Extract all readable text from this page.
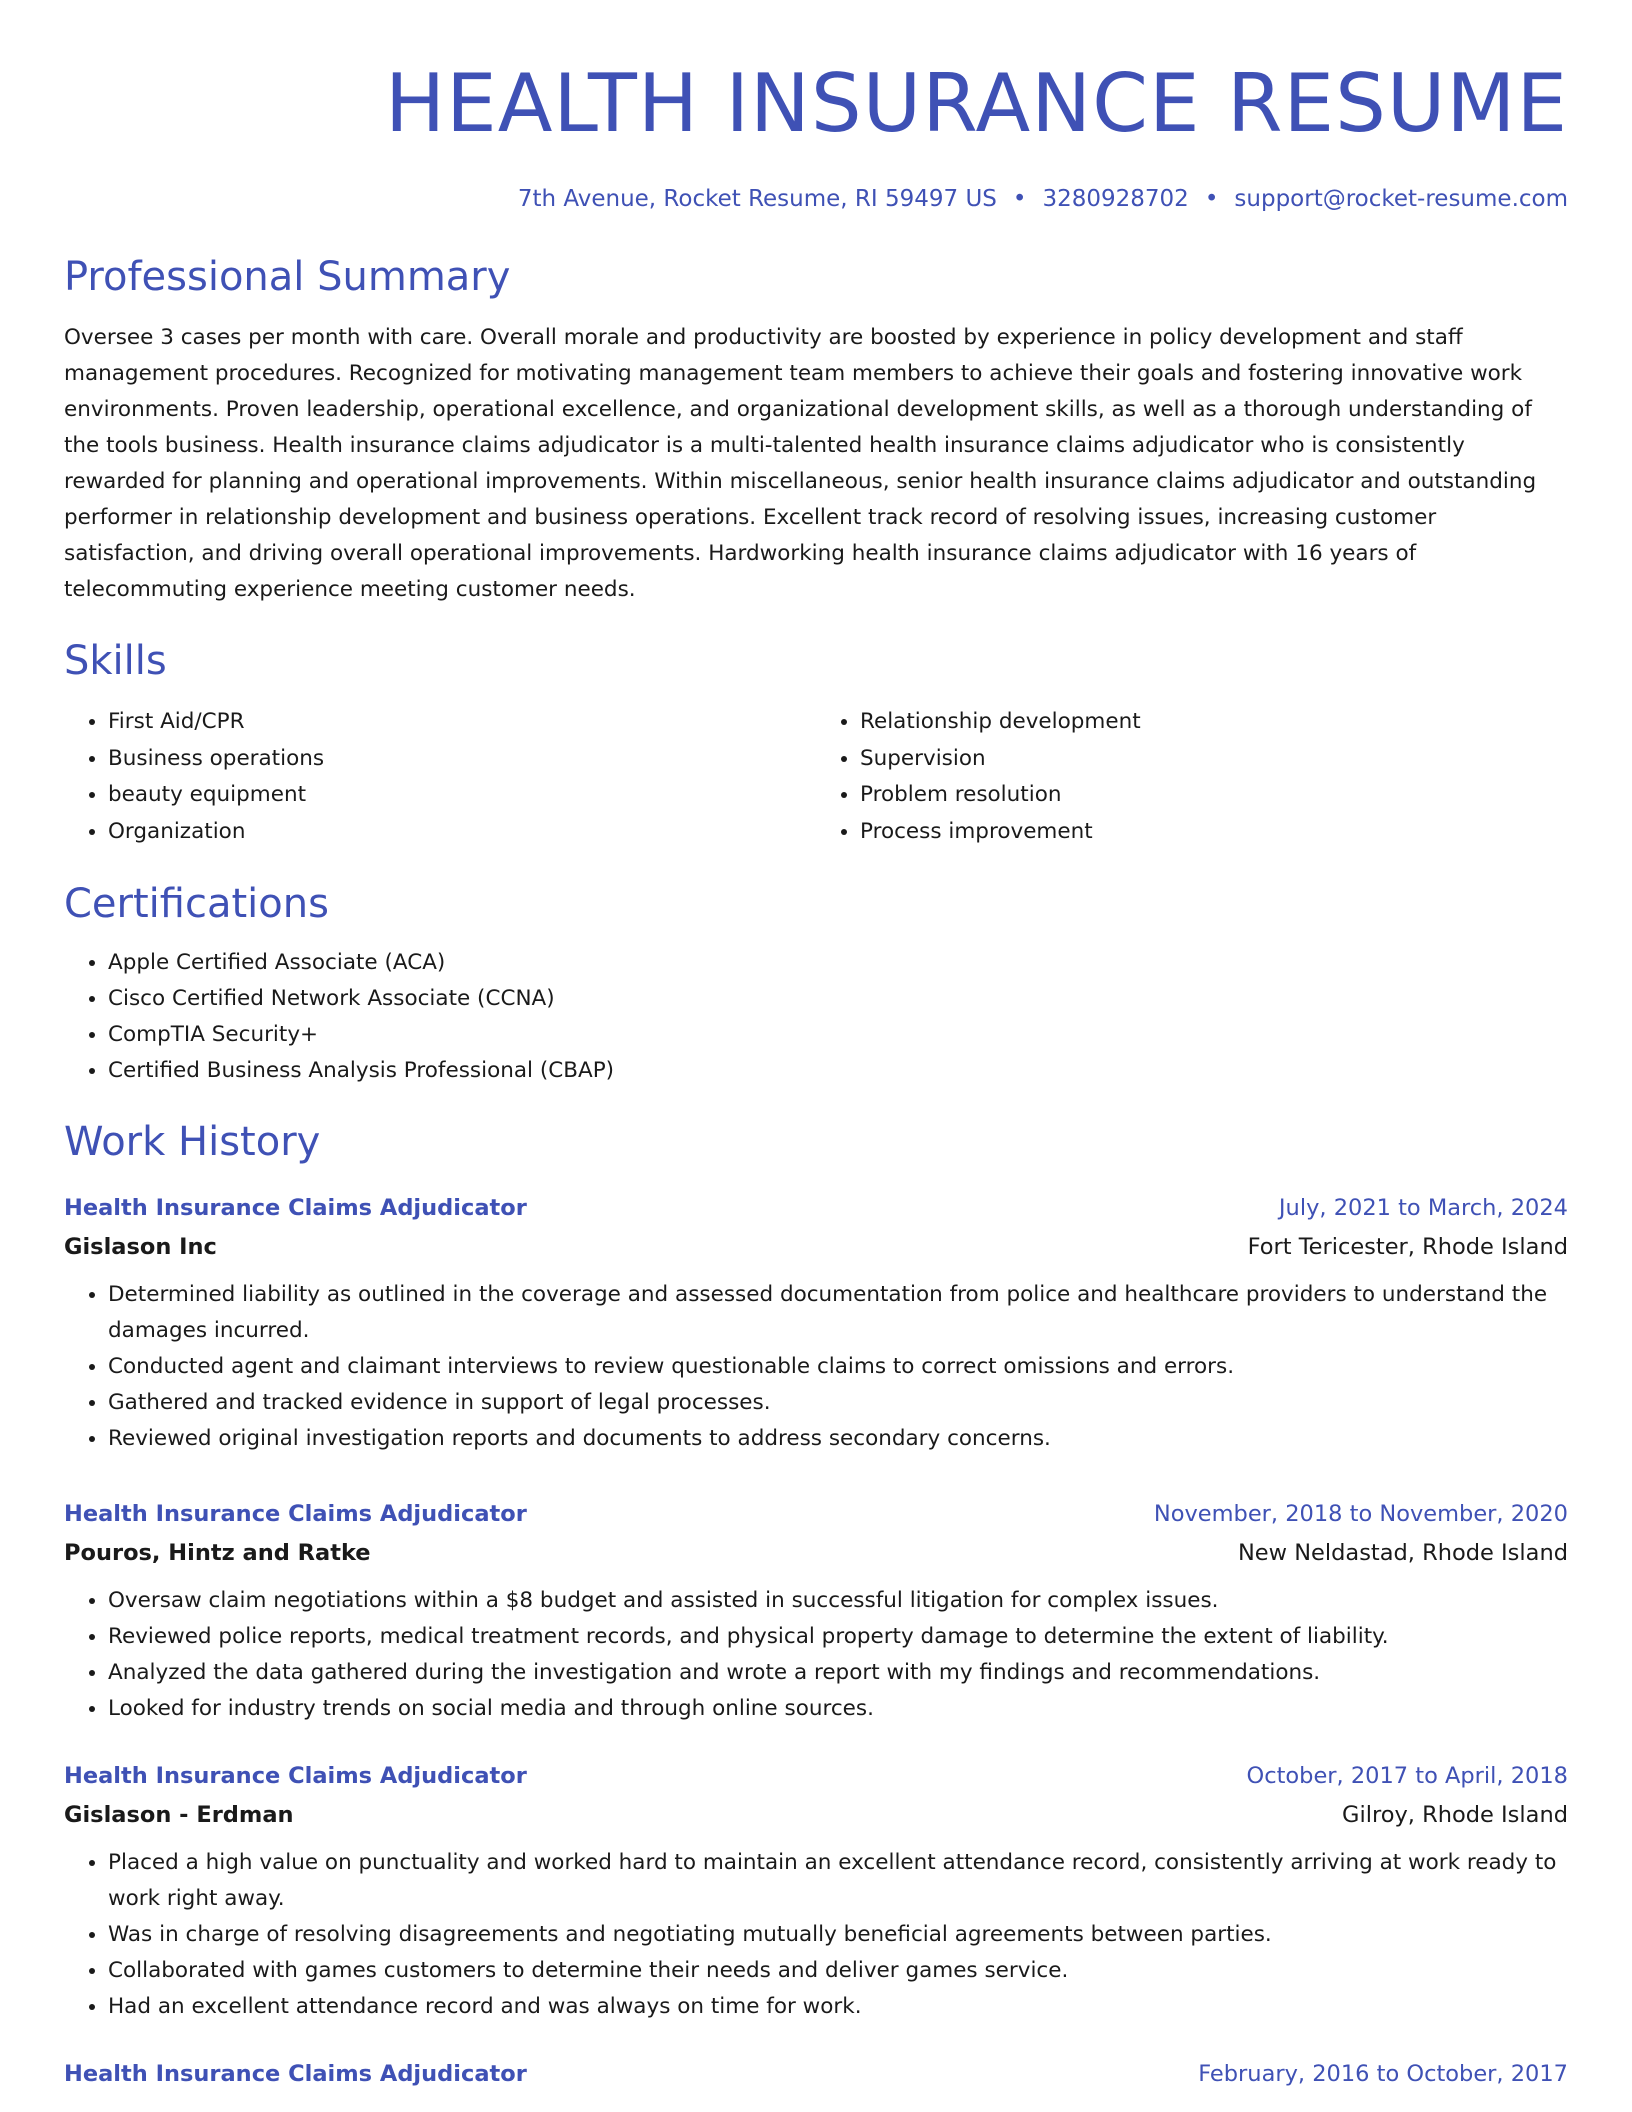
HEALTH INSURANCE RESUME
7th Avenue, Rocket Resume, RI 59497 US • 3280928702 • support@rocket-resume.com
Professional Summary
Oversee 3 cases per month with care. Overall morale and productivity are boosted by experience in policy development and staff management procedures. Recognized for motivating management team members to achieve their goals and fostering innovative work environments. Proven leadership, operational excellence, and organizational development skills, as well as a thorough understanding of the tools business. Health insurance claims adjudicator is a multi-talented health insurance claims adjudicator who is consistently rewarded for planning and operational improvements. Within miscellaneous, senior health insurance claims adjudicator and outstanding performer in relationship development and business operations. Excellent track record of resolving issues, increasing customer satisfaction, and driving overall operational improvements. Hardworking health insurance claims adjudicator with 16 years of telecommuting experience meeting customer needs.
Skills
• First Aid/CPR
• Business operations
• beauty equipment
• Organization
• Relationship development
• Supervision
• Problem resolution
• Process improvement
Certifications
• Apple Certified Associate (ACA)
• Cisco Certified Network Associate (CCNA)
• CompTIA Security+
• Certified Business Analysis Professional (CBAP)
Work History
Health Insurance Claims Adjudicator	July, 2021 to March, 2024
Gislason Inc	Fort Tericester, Rhode Island
• Determined liability as outlined in the coverage and assessed documentation from police and healthcare providers to understand the damages incurred.
• Conducted agent and claimant interviews to review questionable claims to correct omissions and errors.
• Gathered and tracked evidence in support of legal processes.
• Reviewed original investigation reports and documents to address secondary concerns.
Health Insurance Claims Adjudicator	November, 2018 to November, 2020
Pouros, Hintz and Ratke	New Neldastad, Rhode Island
• Oversaw claim negotiations within a $8 budget and assisted in successful litigation for complex issues.
• Reviewed police reports, medical treatment records, and physical property damage to determine the extent of liability.
• Analyzed the data gathered during the investigation and wrote a report with my findings and recommendations.
• Looked for industry trends on social media and through online sources.
Health Insurance Claims Adjudicator	October, 2017 to April, 2018
Gislason - Erdman	Gilroy, Rhode Island
• Placed a high value on punctuality and worked hard to maintain an excellent attendance record, consistently arriving at work ready to work right away.
• Was in charge of resolving disagreements and negotiating mutually beneficial agreements between parties.
• Collaborated with games customers to determine their needs and deliver games service.
• Had an excellent attendance record and was always on time for work.
Health Insurance Claims Adjudicator	February, 2016 to October, 2017
